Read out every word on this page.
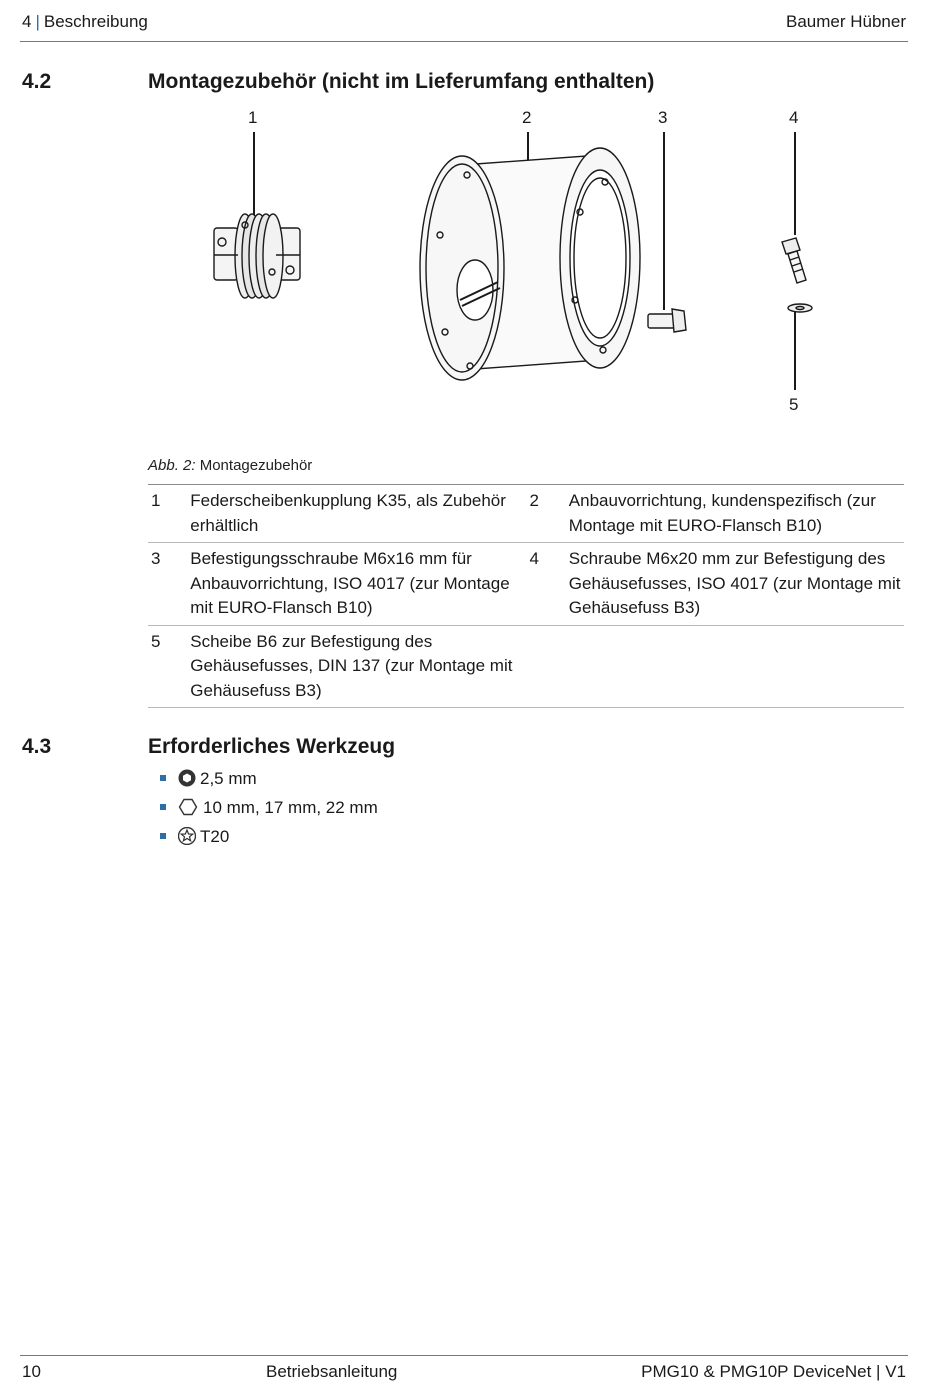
4 | Beschreibung	Baumer Hübner
4.2	Montagezubehör (nicht im Lieferumfang enthalten)
1	2	3	4
5
Abb. 2: Montagezubehör
1	Federscheibenkupplung K35, als Zubehör erhältlich	2	Anbauvorrichtung, kundenspezifisch (zur Montage mit EURO-Flansch B10)
3	Befestigungsschraube M6x16 mm für Anbauvorrichtung, ISO 4017 (zur Montage mit EURO-Flansch B10)	4	Schraube M6x20 mm zur Befestigung des Gehäusefusses, ISO 4017 (zur Montage mit Gehäusefuss B3)
5	Scheibe B6 zur Befestigung des Gehäusefusses, DIN 137 (zur Montage mit Gehäusefuss B3)		
4.3	Erforderliches Werkzeug
2,5 mm
10 mm, 17 mm, 22 mm
T20
10	Betriebsanleitung	PMG10 & PMG10P DeviceNet | V1
